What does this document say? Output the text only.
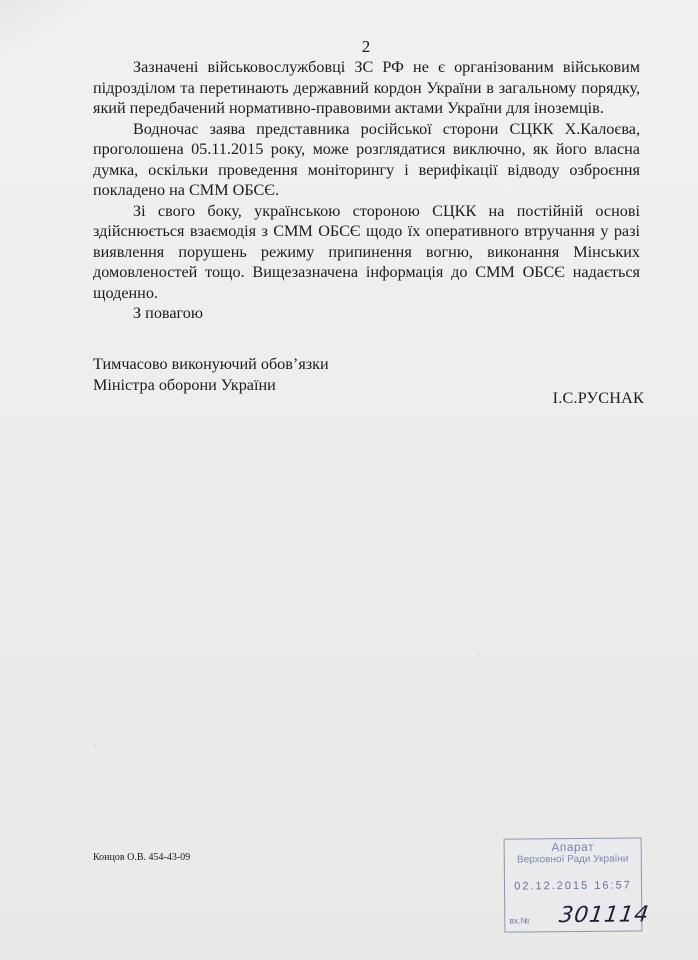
2

Зазначені військовослужбовці ЗС РФ не є організованим військовим підрозділом та перетинають державний кордон України в загальному порядку, який передбачений нормативно-правовими актами України для іноземців.

Водночас заява представника російської сторони СЦКК Х.Калоєва, проголошена 05.11.2015 року, може розглядатися виключно, як його власна думка, оскільки проведення моніторингу і верифікації відводу озброєння покладено на СММ ОБСЄ.

Зі свого боку, українською стороною СЦКК на постійній основі здійснюється взаємодія з СММ ОБСЄ щодо їх оперативного втручання у разі виявлення порушень режиму припинення вогню, виконання Мінських домовленостей тощо. Вищезазначена інформація до СММ ОБСЄ надається щоденно.

З повагою
Тимчасово виконуючий обов’язки
Міністра оборони України
І.С.РУСНАК
Концов О.В. 454-43-09
Апарат
Верховної Ради України
02.12.2015 16:57
вх.№ 301114
